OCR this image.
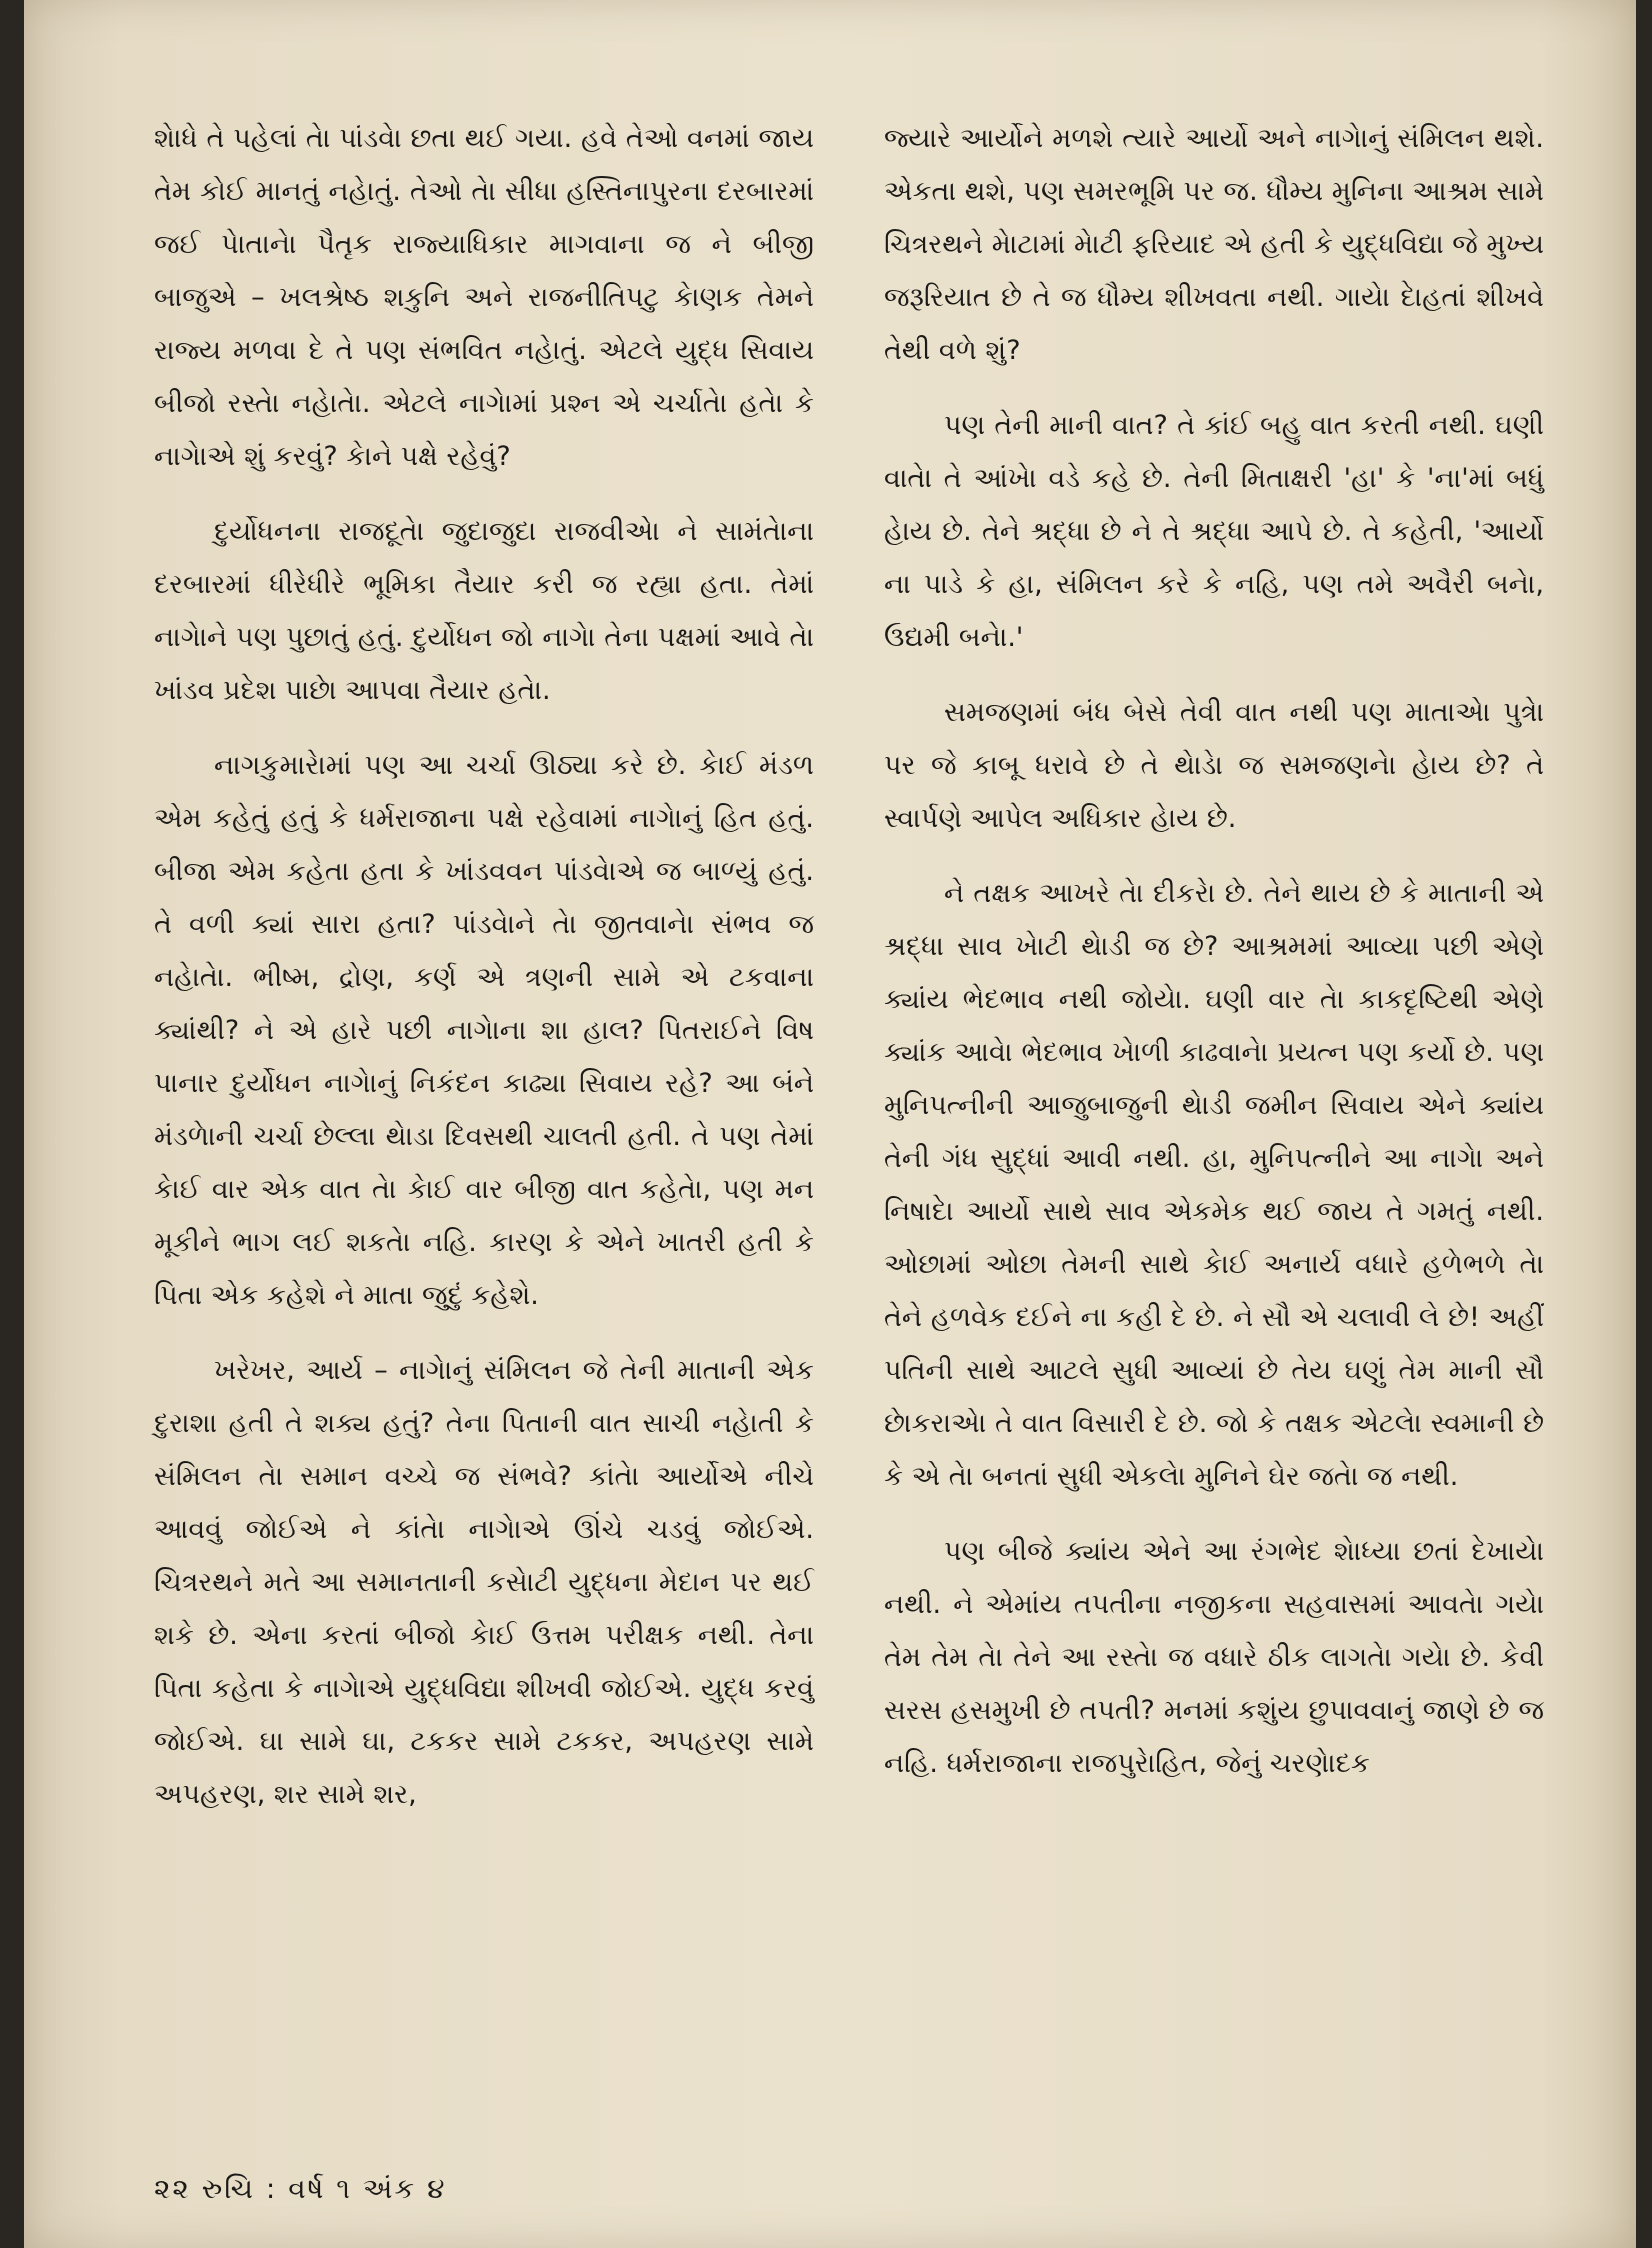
શેાધે તે પહેલાં તેા પાંડવેા છતા થઈ ગયા. હવે તેઓ વનમાં જાય તેમ કોઈ માનતું નહેાતું. તેઓ તેા સીધા હસ્તિનાપુરના દરબારમાં જઈ પેાતાનેા પૈતૃક રાજ્યાધિકાર માગવાના જ ને બીજી બાજુએ – ખલશ્રેષ્ઠ શકુનિ અને રાજનીતિપટુ કેાણક તેમને રાજ્ય મળવા દે તે પણ સંભવિત નહેાતું. એટલે યુદ્ધ સિવાય બીજો રસ્તેા નહેાતેા. એટલે નાગેામાં પ્રશ્ન એ ચર્ચાતેા હતેા કે નાગેાએ શું કરવું? કેાને પક્ષે રહેવું?

દુર્યોધનના રાજદૂતેા જુદાજુદા રાજવીએા ને સામંતેાના દરબારમાં ધીરેધીરે ભૂમિકા તૈયાર કરી જ રહ્યા હતા. તેમાં નાગેાને પણ પુછાતું હતું. દુર્યોધન જો નાગેા તેના પક્ષમાં આવે તેા ખાંડવ પ્રદેશ પાછેા આપવા તૈયાર હતેા.

નાગકુમારેામાં પણ આ ચર્ચા ઊઠ્યા કરે છે. કેાઈ મંડળ એમ કહેતું હતું કે ધર્મરાજાના પક્ષે રહેવામાં નાગેાનું હિત હતું. બીજા એમ કહેતા હતા કે ખાંડવવન પાંડવેાએ જ બાળ્યું હતું. તે વળી ક્યાં સારા હતા? પાંડવેાને તેા જીતવાનેા સંભવ જ નહેાતેા. ભીષ્મ, દ્રોણ, કર્ણ એ ત્રણની સામે એ ટકવાના ક્યાંથી? ને એ હારે પછી નાગેાના શા હાલ? પિતરાઈને વિષ પાનાર દુર્યોધન નાગેાનું નિકંદન કાઢ્યા સિવાય રહે? આ બંને મંડળેાની ચર્ચા છેલ્લા થેાડા દિવસથી ચાલતી હતી. તે પણ તેમાં કેાઈ વાર એક વાત તેા કેાઈ વાર બીજી વાત કહેતેા, પણ મન મૂકીને ભાગ લઈ શકતેા નહિ. કારણ કે એને ખાતરી હતી કે પિતા એક કહેશે ને માતા જુદું કહેશે.

ખરેખર, આર્ય – નાગેાનું સંમિલન જે તેની માતાની એક દુરાશા હતી તે શક્ય હતું? તેના પિતાની વાત સાચી નહેાતી કે સંમિલન તેા સમાન વચ્ચે જ સંભવે? કાંતેા આર્યોએ નીચે આવવું જોઈએ ને કાંતેા નાગેાએ ઊંચે ચડવું જોઈએ. ચિત્રરથને મતે આ સમાનતાની કસેાટી યુદ્ધના મેદાન પર થઈ શકે છે. એના કરતાં બીજો કેાઈ ઉત્તમ પરીક્ષક નથી. તેના પિતા કહેતા કે નાગેાએ યુદ્ધવિદ્યા શીખવી જોઈએ. યુદ્ધ કરવું જોઈએ. ઘા સામે ઘા, ટકકર સામે ટકકર, અપહરણ સામે અપહરણ, શર સામે શર,

જ્યારે આર્યોને મળશે ત્યારે આર્યો અને નાગેાનું સંમિલન થશે. એકતા થશે, પણ સમરભૂમિ પર જ. ધૌમ્ય મુનિના આશ્રમ સામે ચિત્રરથને મેાટામાં મેાટી ફરિયાદ એ હતી કે યુદ્ધવિદ્યા જે મુખ્ય જરૂરિયાત છે તે જ ધૌમ્ય શીખવતા નથી. ગાયેા દેાહતાં શીખવે તેથી વળે શું?

પણ તેની માની વાત? તે કાંઈ બહુ વાત કરતી નથી. ઘણી વાતેા તે આંખેા વડે કહે છે. તેની મિતાક્ષરી 'હા' કે 'ના'માં બધું હેાય છે. તેને શ્રદ્ધા છે ને તે શ્રદ્ધા આપે છે. તે કહેતી, 'આર્યો ના પાડે કે હા, સંમિલન કરે કે નહિ, પણ તમે અવૈરી બનેા, ઉદ્યમી બનેા.'

સમજણમાં બંધ બેસે તેવી વાત નથી પણ માતાએા પુત્રેા પર જે કાબૂ ધરાવે છે તે થેાડેા જ સમજણનેા હેાય છે? તે સ્વાર્પણે આપેલ અધિકાર હેાય છે.

ને તક્ષક આખરે તેા દીકરેા છે. તેને થાય છે કે માતાની એ શ્રદ્ધા સાવ ખેાટી થેાડી જ છે? આશ્રમમાં આવ્યા પછી એણે ક્યાંય ભેદભાવ નથી જોયેા. ઘણી વાર તેા કાકદૃષ્ટિથી એણે ક્યાંક આવેા ભેદભાવ ખેાળી કાઢવાનેા પ્રયત્ન પણ કર્યો છે. પણ મુનિપત્નીની આજુબાજુની થેાડી જમીન સિવાય એને ક્યાંય તેની ગંધ સુદ્ધાં આવી નથી. હા, મુનિપત્નીને આ નાગેા અને નિષાદેા આર્યો સાથે સાવ એકમેક થઈ જાય તે ગમતું નથી. ઓછામાં ઓછા તેમની સાથે કેાઈ અનાર્ય વધારે હળેભળે તેા તેને હળવેક દઈને ના કહી દે છે. ને સૌ એ ચલાવી લે છે! અહીં પતિની સાથે આટલે સુધી આવ્યાં છે તેય ઘણું તેમ માની સૌ છેાકરાએા તે વાત વિસારી દે છે. જો કે તક્ષક એટલેા સ્વમાની છે કે એ તેા બનતાં સુધી એકલેા મુનિને ઘેર જતેા જ નથી.

પણ બીજે ક્યાંય એને આ રંગભેદ શેાધ્યા છતાં દેખાયેા નથી. ને એમાંય તપતીના નજીકના સહવાસમાં આવતેા ગયેા તેમ તેમ તેા તેને આ રસ્તેા જ વધારે ઠીક લાગતેા ગયેા છે. કેવી સરસ હસમુખી છે તપતી? મનમાં કશુંય છુપાવવાનું જાણે છે જ નહિ. ધર્મરાજાના રાજપુરેાહિત, જેનું ચરણેાદક

૨૨ રુચિ : વર્ષ ૧ અંક ૪
